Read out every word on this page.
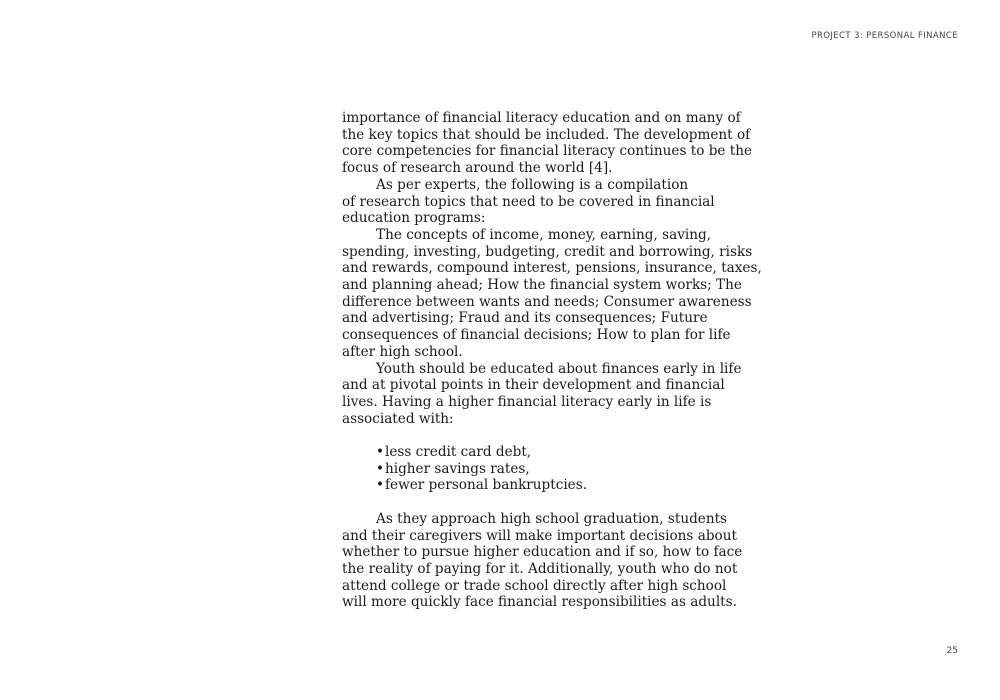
PROJECT 3: PERSONAL FINANCE
importance of financial literacy education and on many of
the key topics that should be included. The development of
core competencies for financial literacy continues to be the
focus of research around the world [4].
As per experts, the following is a compilation
of research topics that need to be covered in financial
education programs:
The concepts of income, money, earning, saving,
spending, investing, budgeting, credit and borrowing, risks
and rewards, compound interest, pensions, insurance, taxes,
and planning ahead; How the financial system works; The
difference between wants and needs; Consumer awareness
and advertising; Fraud and its consequences; Future
consequences of financial decisions; How to plan for life
after high school.
Youth should be educated about finances early in life
and at pivotal points in their development and financial
lives. Having a higher financial literacy early in life is
associated with:
•less credit card debt,
•higher savings rates,
•fewer personal bankruptcies.
As they approach high school graduation, students
and their caregivers will make important decisions about
whether to pursue higher education and if so, how to face
the reality of paying for it. Additionally, youth who do not
attend college or trade school directly after high school
will more quickly face financial responsibilities as adults.
25
